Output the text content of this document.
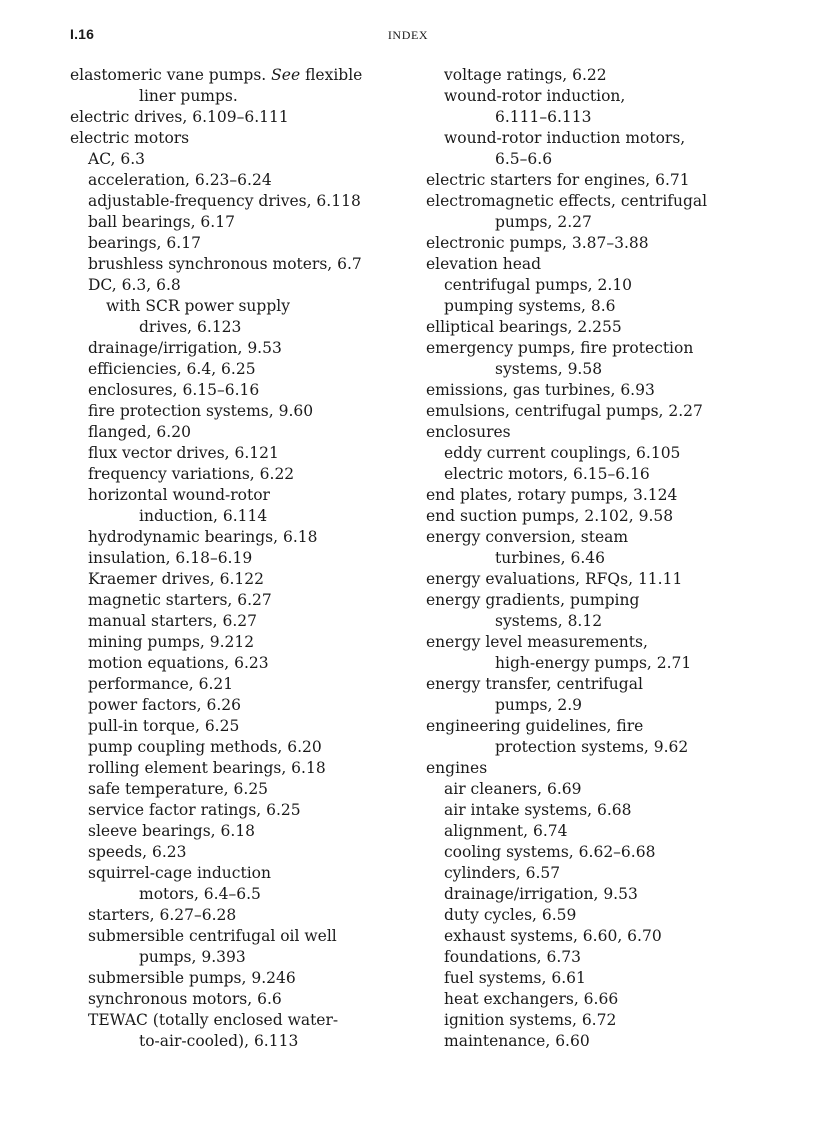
I.16	INDEX
elastomeric vane pumps. See flexible
liner pumps.
electric drives, 6.109–6.111
electric motors
AC, 6.3
acceleration, 6.23–6.24
adjustable-frequency drives, 6.118
ball bearings, 6.17
bearings, 6.17
brushless synchronous moters, 6.7
DC, 6.3, 6.8
with SCR power supply
drives, 6.123
drainage/irrigation, 9.53
efficiencies, 6.4, 6.25
enclosures, 6.15–6.16
fire protection systems, 9.60
flanged, 6.20
flux vector drives, 6.121
frequency variations, 6.22
horizontal wound-rotor
induction, 6.114
hydrodynamic bearings, 6.18
insulation, 6.18–6.19
Kraemer drives, 6.122
magnetic starters, 6.27
manual starters, 6.27
mining pumps, 9.212
motion equations, 6.23
performance, 6.21
power factors, 6.26
pull-in torque, 6.25
pump coupling methods, 6.20
rolling element bearings, 6.18
safe temperature, 6.25
service factor ratings, 6.25
sleeve bearings, 6.18
speeds, 6.23
squirrel-cage induction
motors, 6.4–6.5
starters, 6.27–6.28
submersible centrifugal oil well
pumps, 9.393
submersible pumps, 9.246
synchronous motors, 6.6
TEWAC (totally enclosed water-
to-air-cooled), 6.113
voltage ratings, 6.22
wound-rotor induction,
6.111–6.113
wound-rotor induction motors,
6.5–6.6
electric starters for engines, 6.71
electromagnetic effects, centrifugal
pumps, 2.27
electronic pumps, 3.87–3.88
elevation head
centrifugal pumps, 2.10
pumping systems, 8.6
elliptical bearings, 2.255
emergency pumps, fire protection
systems, 9.58
emissions, gas turbines, 6.93
emulsions, centrifugal pumps, 2.27
enclosures
eddy current couplings, 6.105
electric motors, 6.15–6.16
end plates, rotary pumps, 3.124
end suction pumps, 2.102, 9.58
energy conversion, steam
turbines, 6.46
energy evaluations, RFQs, 11.11
energy gradients, pumping
systems, 8.12
energy level measurements,
high-energy pumps, 2.71
energy transfer, centrifugal
pumps, 2.9
engineering guidelines, fire
protection systems, 9.62
engines
air cleaners, 6.69
air intake systems, 6.68
alignment, 6.74
cooling systems, 6.62–6.68
cylinders, 6.57
drainage/irrigation, 9.53
duty cycles, 6.59
exhaust systems, 6.60, 6.70
foundations, 6.73
fuel systems, 6.61
heat exchangers, 6.66
ignition systems, 6.72
maintenance, 6.60
